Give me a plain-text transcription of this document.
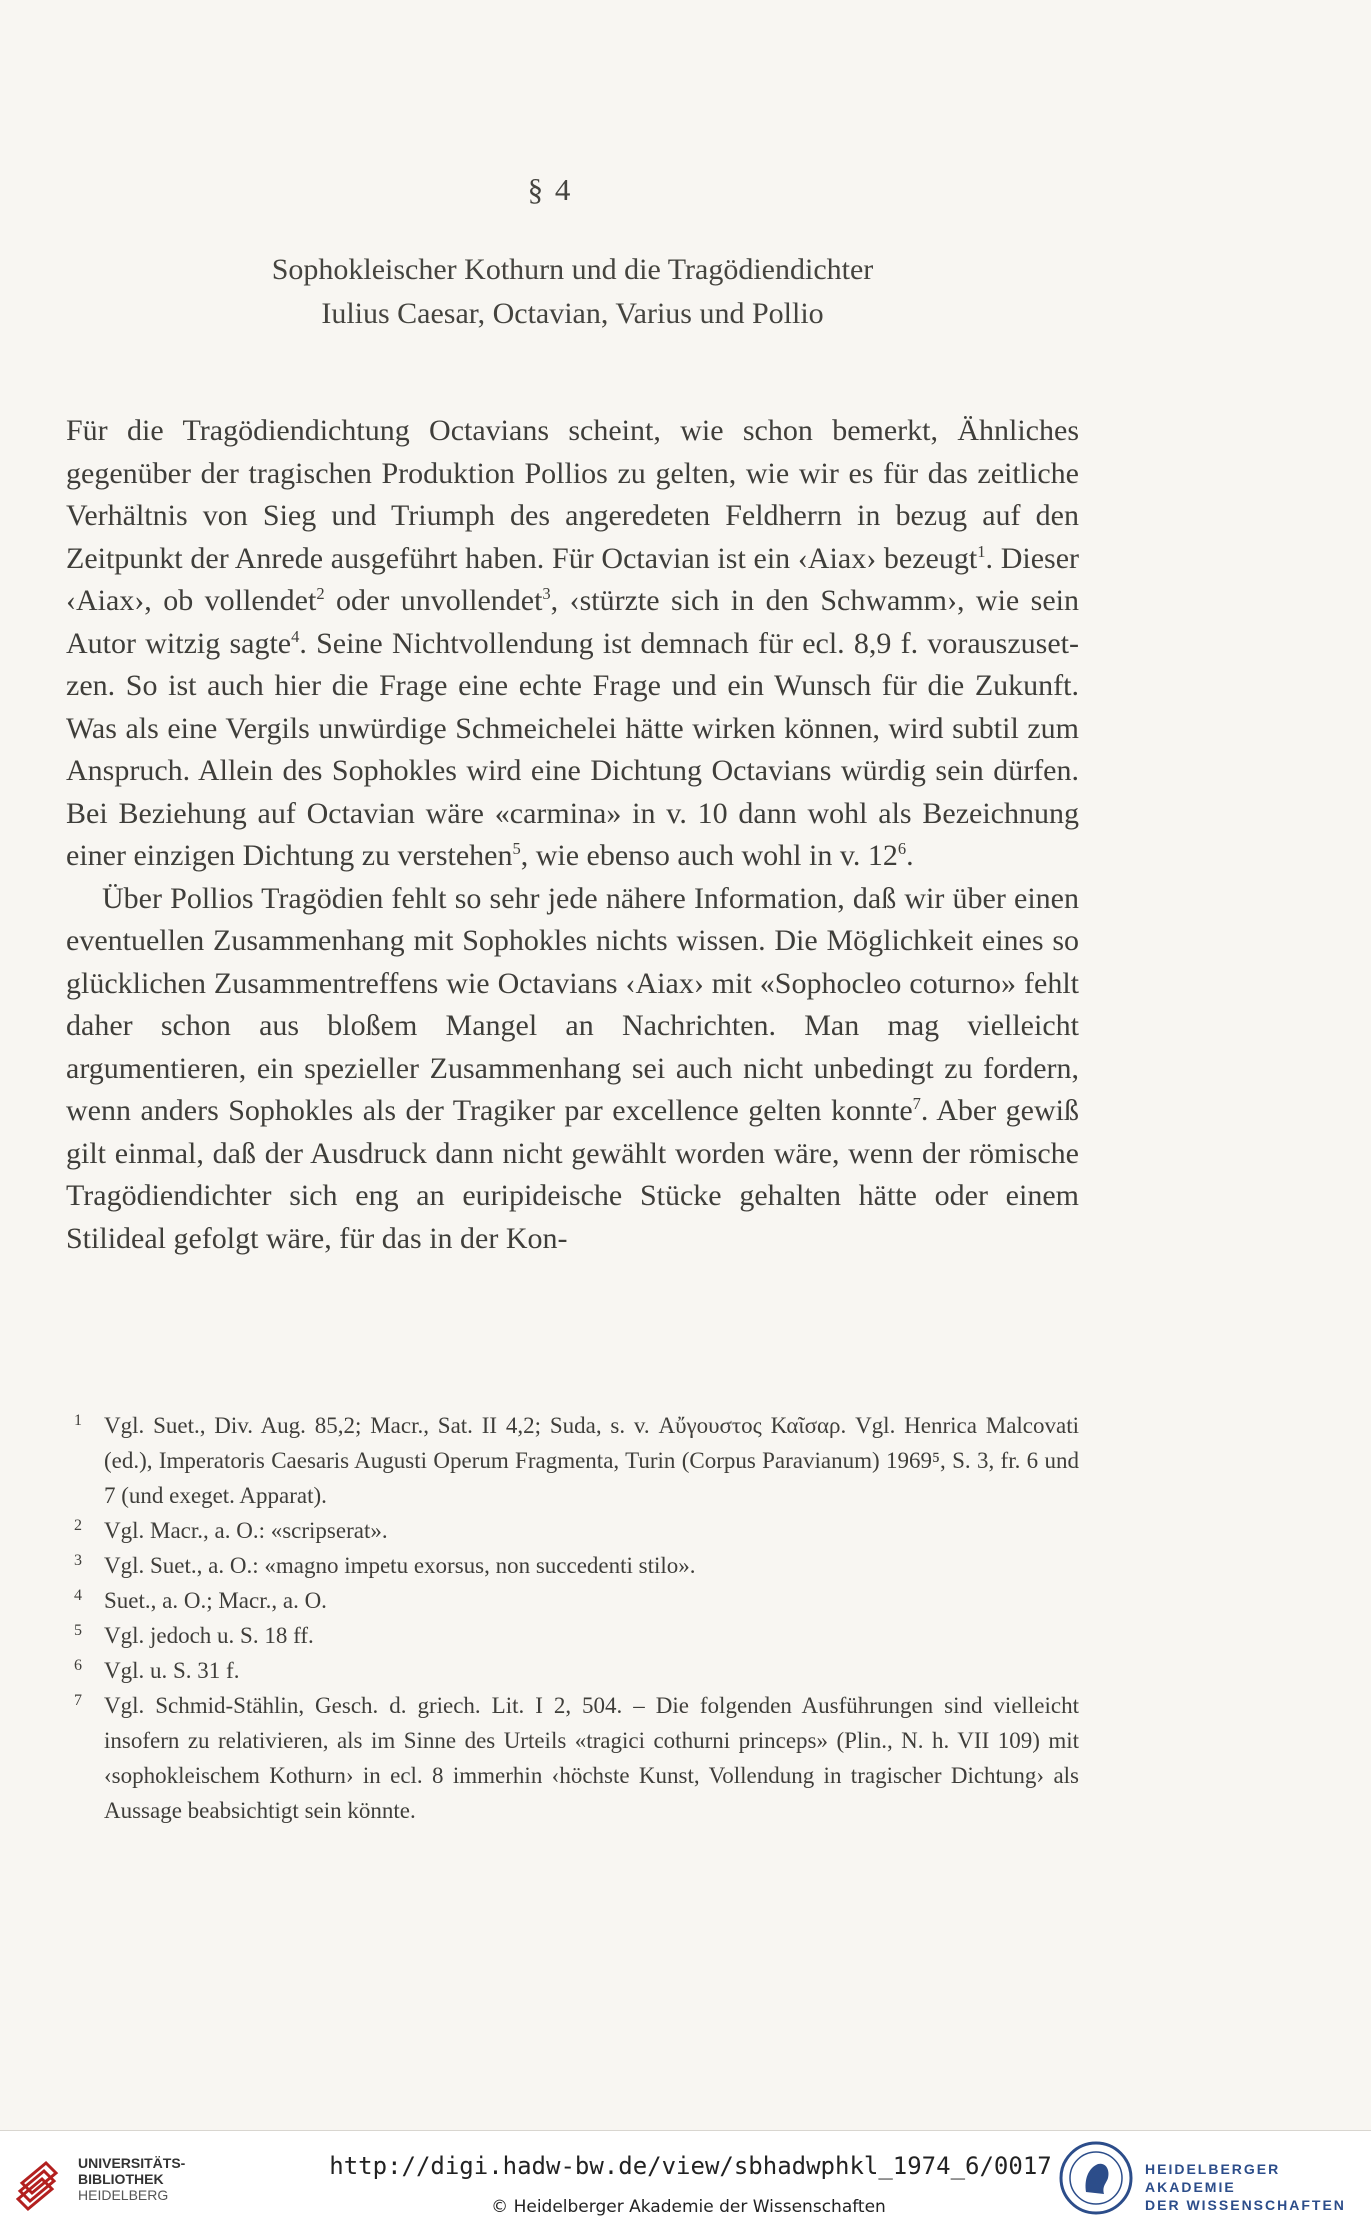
§ 4
Sophokleischer Kothurn und die Tragödiendichter
Iulius Caesar, Octavian, Varius und Pollio

Für die Tragödiendichtung Octavians scheint, wie schon bemerkt, Ähnliches gegenüber der tragischen Produktion Pollios zu gelten, wie wir es für das zeitliche Verhältnis von Sieg und Triumph des angeredeten Feldherrn in bezug auf den Zeitpunkt der Anrede ausgeführt haben. Für Octavian ist ein ‹Aiax› bezeugt$^1$. Dieser ‹Aiax›, ob vollendet$^2$ oder unvollendet$^3$, ‹stürzte sich in den Schwamm›, wie sein Autor witzig sagte$^4$. Seine Nichtvollendung ist demnach für ecl. 8,9 f. vorauszusetzen. So ist auch hier die Frage eine echte Frage und ein Wunsch für die Zukunft. Was als eine Vergils unwürdige Schmeichelei hätte wirken können, wird subtil zum Anspruch. Allein des Sophokles wird eine Dichtung Octavians würdig sein dürfen. Bei Beziehung auf Octavian wäre «carmina» in v. 10 dann wohl als Bezeichnung einer einzigen Dichtung zu verstehen$^5$, wie ebenso auch wohl in v. $12^6$.

Über Pollios Tragödien fehlt so sehr jede nähere Information, daß wir über einen eventuellen Zusammenhang mit Sophokles nichts wissen. Die Möglichkeit eines so glücklichen Zusammentreffens wie Octavians ‹Aiax› mit «Sophocleo coturno» fehlt daher schon aus bloßem Mangel an Nachrichten. Man mag vielleicht argumentieren, ein spezieller Zusammenhang sei auch nicht unbedingt zu fordern, wenn anders Sophokles als der Tragiker par excellence gelten konnte$^7$. Aber gewiß gilt einmal, daß der Ausdruck dann nicht gewählt worden wäre, wenn der römische Tragödiendichter sich eng an euripideische Stücke gehalten hätte oder einem Stilideal gefolgt wäre, für das in der Kon-

1 Vgl. Suet., Div. Aug. 85,2; Macr., Sat. II 4,2; Suda, s. v. Αὔγουστος Καῖσαρ. Vgl. Henrica Malcovati (ed.), Imperatoris Caesaris Augusti Operum Fragmenta, Turin (Corpus Paravianum) 1969⁵, S. 3, fr. 6 und 7 (und exeget. Apparat).
2 Vgl. Macr., a. O.: «scripserat».
3 Vgl. Suet., a. O.: «magno impetu exorsus, non succedenti stilo».
4 Suet., a. O.; Macr., a. O.
5 Vgl. jedoch u. S. 18 ff.
6 Vgl. u. S. 31 f.
7 Vgl. Schmid-Stählin, Gesch. d. griech. Lit. I 2, 504. – Die folgenden Ausführungen sind vielleicht insofern zu relativieren, als im Sinne des Urteils «tragici cothurni princeps» (Plin., N. h. VII 109) mit ‹sophokleischem Kothurn› in ecl. 8 immerhin ‹höchste Kunst, Vollendung in tragischer Dichtung› als Aussage beabsichtigt sein könnte.
UNIVERSITÄTS-
BIBLIOTHEK
HEIDELBERG
http://digi.hadw-bw.de/view/sbhadwphkl_1974_6/0017
© Heidelberger Akademie der Wissenschaften
HEIDELBERGER AKADEMIE
DER WISSENSCHAFTEN
